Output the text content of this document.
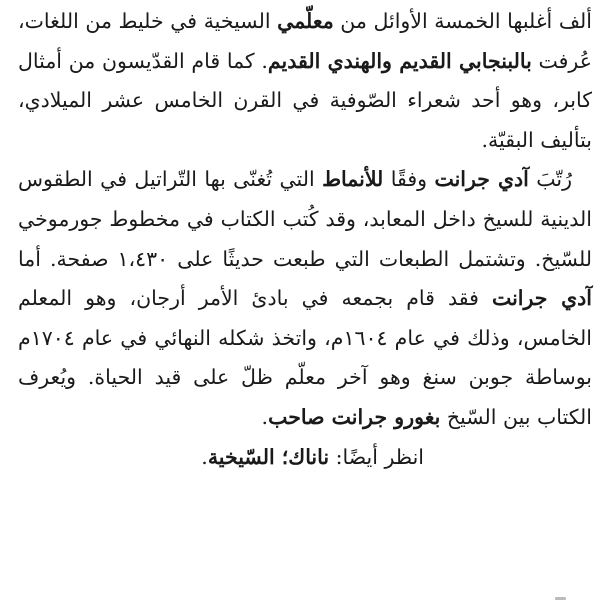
ألف أغلبها الخمسة الأوائل من معلّمي السيخية في خليط من اللغات، عُرفت بالبنجابي القديم والهندي القديم. كما قام القدّيسون من أمثال كابر، وهو أحد شعراء الصّوفية في القرن الخامس عشر الميلادي، بتأليف البقيّة.

رُتّبَ آدي جرانت وفقًا للأنماط التي تُغنّى بها التّراتيل في الطقوس الدينية للسيخ داخل المعابد، وقد كُتب الكتاب في مخطوط جورموخي للسّيخ. وتشتمل الطبعات التي طبعت حديثًا على ١،٤٣٠ صفحة. أما آدي جرانت فقد قام بجمعه في بادئ الأمر أرجان، وهو المعلم الخامس، وذلك في عام ١٦٠٤م، واتخذ شكله النهائي في عام ١٧٠٤م بوساطة جوبن سنغ وهو آخر معلّم ظلّ على قيد الحياة. ويُعرف الكتاب بين السّيخ بغورو جرانت صاحب.

انظر أيضًا: ناناك؛ السّيخية.
